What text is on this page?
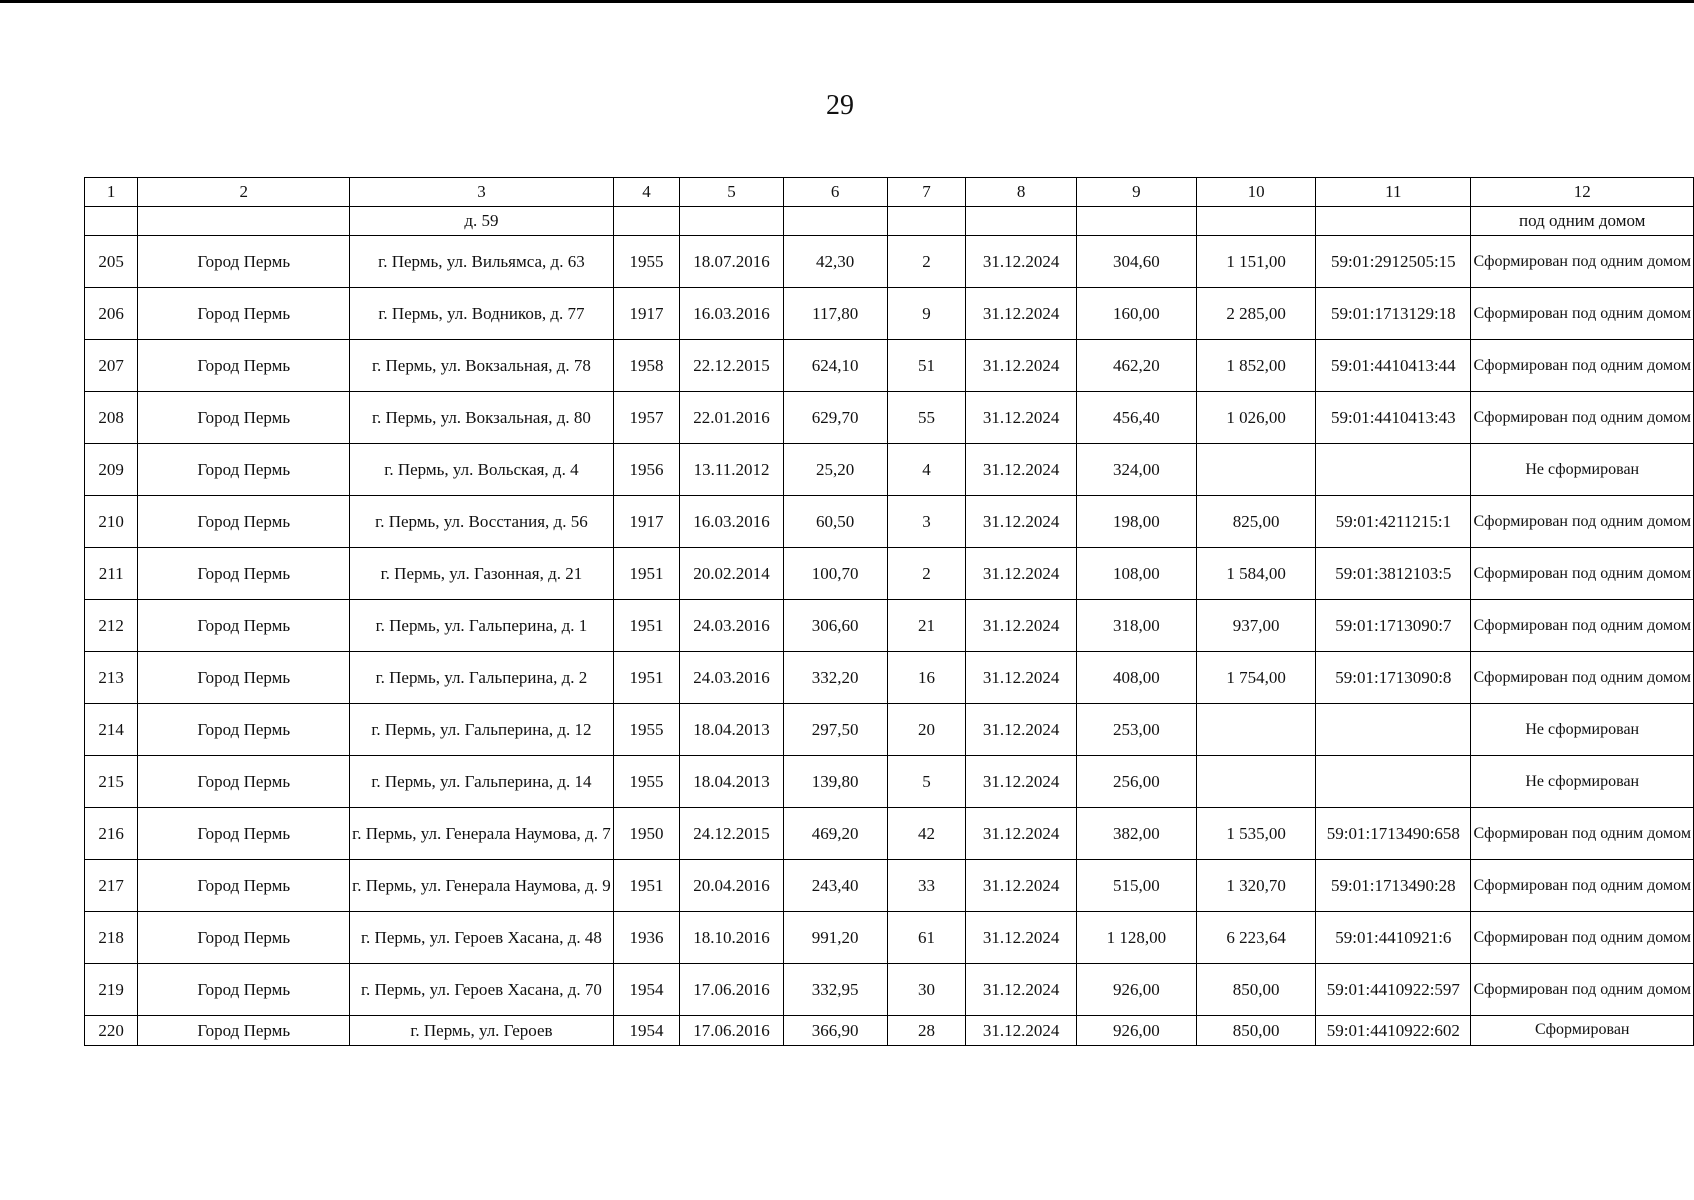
29
1	2	3	4	5	6	7	8	9	10	11	12
		д. 59									под одним домом
205	Город Пермь	г. Пермь, ул. Вильямса, д. 63	1955	18.07.2016	42,30	2	31.12.2024	304,60	1 151,00	59:01:2912505:15	Сформирован под одним домом
206	Город Пермь	г. Пермь, ул. Водников, д. 77	1917	16.03.2016	117,80	9	31.12.2024	160,00	2 285,00	59:01:1713129:18	Сформирован под одним домом
207	Город Пермь	г. Пермь, ул. Вокзальная, д. 78	1958	22.12.2015	624,10	51	31.12.2024	462,20	1 852,00	59:01:4410413:44	Сформирован под одним домом
208	Город Пермь	г. Пермь, ул. Вокзальная, д. 80	1957	22.01.2016	629,70	55	31.12.2024	456,40	1 026,00	59:01:4410413:43	Сформирован под одним домом
209	Город Пермь	г. Пермь, ул. Вольская, д. 4	1956	13.11.2012	25,20	4	31.12.2024	324,00			Не сформирован
210	Город Пермь	г. Пермь, ул. Восстания, д. 56	1917	16.03.2016	60,50	3	31.12.2024	198,00	825,00	59:01:4211215:1	Сформирован под одним домом
211	Город Пермь	г. Пермь, ул. Газонная, д. 21	1951	20.02.2014	100,70	2	31.12.2024	108,00	1 584,00	59:01:3812103:5	Сформирован под одним домом
212	Город Пермь	г. Пермь, ул. Гальперина, д. 1	1951	24.03.2016	306,60	21	31.12.2024	318,00	937,00	59:01:1713090:7	Сформирован под одним домом
213	Город Пермь	г. Пермь, ул. Гальперина, д. 2	1951	24.03.2016	332,20	16	31.12.2024	408,00	1 754,00	59:01:1713090:8	Сформирован под одним домом
214	Город Пермь	г. Пермь, ул. Гальперина, д. 12	1955	18.04.2013	297,50	20	31.12.2024	253,00			Не сформирован
215	Город Пермь	г. Пермь, ул. Гальперина, д. 14	1955	18.04.2013	139,80	5	31.12.2024	256,00			Не сформирован
216	Город Пермь	г. Пермь, ул. Генерала Наумова, д. 7	1950	24.12.2015	469,20	42	31.12.2024	382,00	1 535,00	59:01:1713490:658	Сформирован под одним домом
217	Город Пермь	г. Пермь, ул. Генерала Наумова, д. 9	1951	20.04.2016	243,40	33	31.12.2024	515,00	1 320,70	59:01:1713490:28	Сформирован под одним домом
218	Город Пермь	г. Пермь, ул. Героев Хасана, д. 48	1936	18.10.2016	991,20	61	31.12.2024	1 128,00	6 223,64	59:01:4410921:6	Сформирован под одним домом
219	Город Пермь	г. Пермь, ул. Героев Хасана, д. 70	1954	17.06.2016	332,95	30	31.12.2024	926,00	850,00	59:01:4410922:597	Сформирован под одним домом
220	Город Пермь	г. Пермь, ул. Героев	1954	17.06.2016	366,90	28	31.12.2024	926,00	850,00	59:01:4410922:602	Сформирован
